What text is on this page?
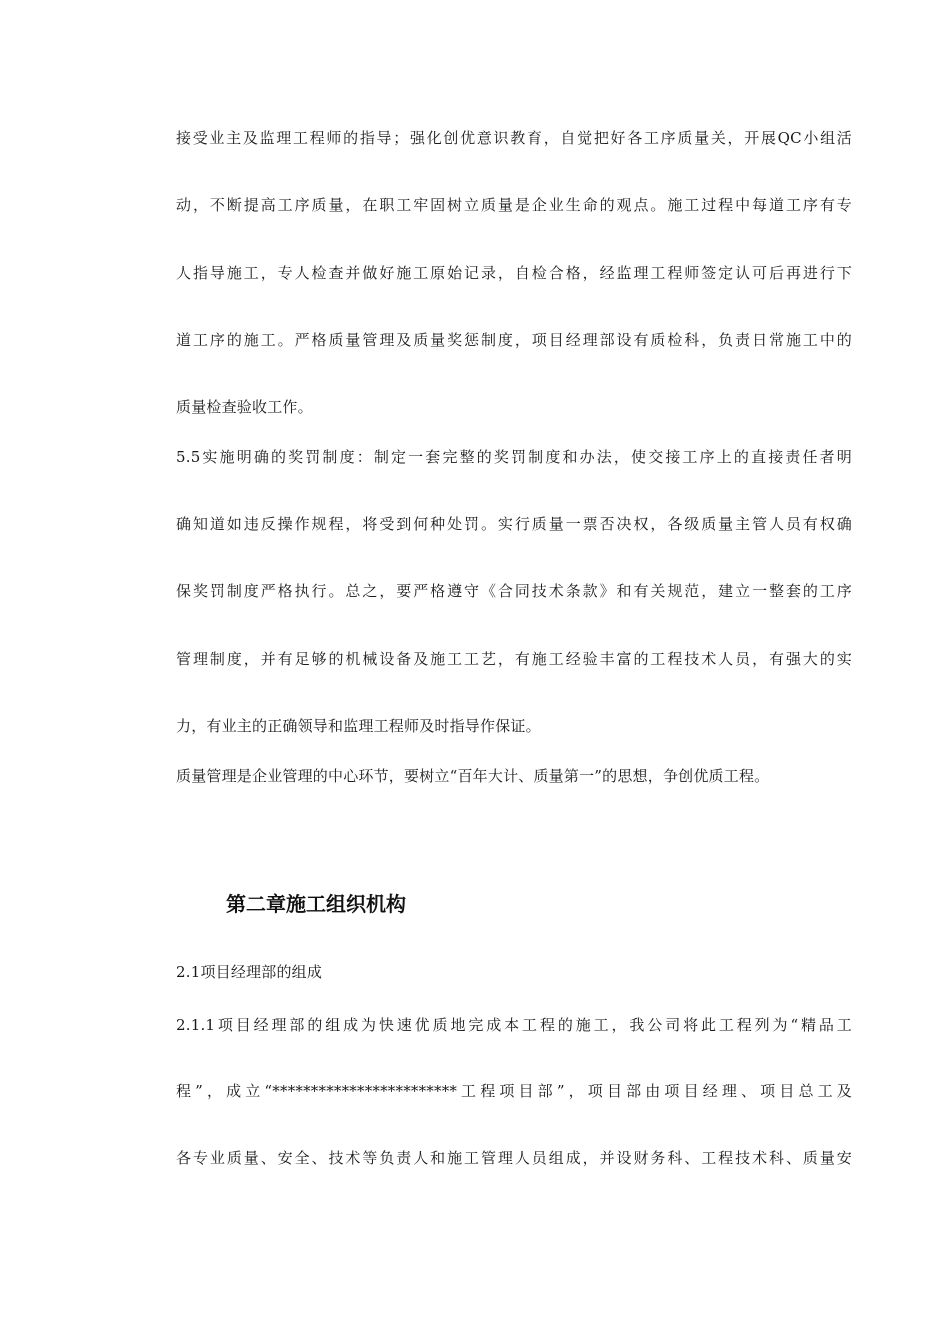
接受业主及监理工程师的指导；强化创优意识教育，自觉把好各工序质量关，开展QC小组活
动，不断提高工序质量，在职工牢固树立质量是企业生命的观点。施工过程中每道工序有专
人指导施工，专人检查并做好施工原始记录，自检合格，经监理工程师签定认可后再进行下
道工序的施工。严格质量管理及质量奖惩制度，项目经理部设有质检科，负责日常施工中的
质量检查验收工作。
5.5实施明确的奖罚制度：制定一套完整的奖罚制度和办法，使交接工序上的直接责任者明
确知道如违反操作规程，将受到何种处罚。实行质量一票否决权，各级质量主管人员有权确
保奖罚制度严格执行。总之，要严格遵守《合同技术条款》和有关规范，建立一整套的工序
管理制度，并有足够的机械设备及施工工艺，有施工经验丰富的工程技术人员，有强大的实
力，有业主的正确领导和监理工程师及时指导作保证。
质量管理是企业管理的中心环节，要树立“百年大计、质量第一”的思想，争创优质工程。
第二章施工组织机构
2.1项目经理部的组成
2.1.1项目经理部的组成为快速优质地完成本工程的施工，我公司将此工程列为“精品工
程”，成立“************************工程项目部”，项目部由项目经理、项目总工及
各专业质量、安全、技术等负责人和施工管理人员组成，并设财务科、工程技术科、质量安
